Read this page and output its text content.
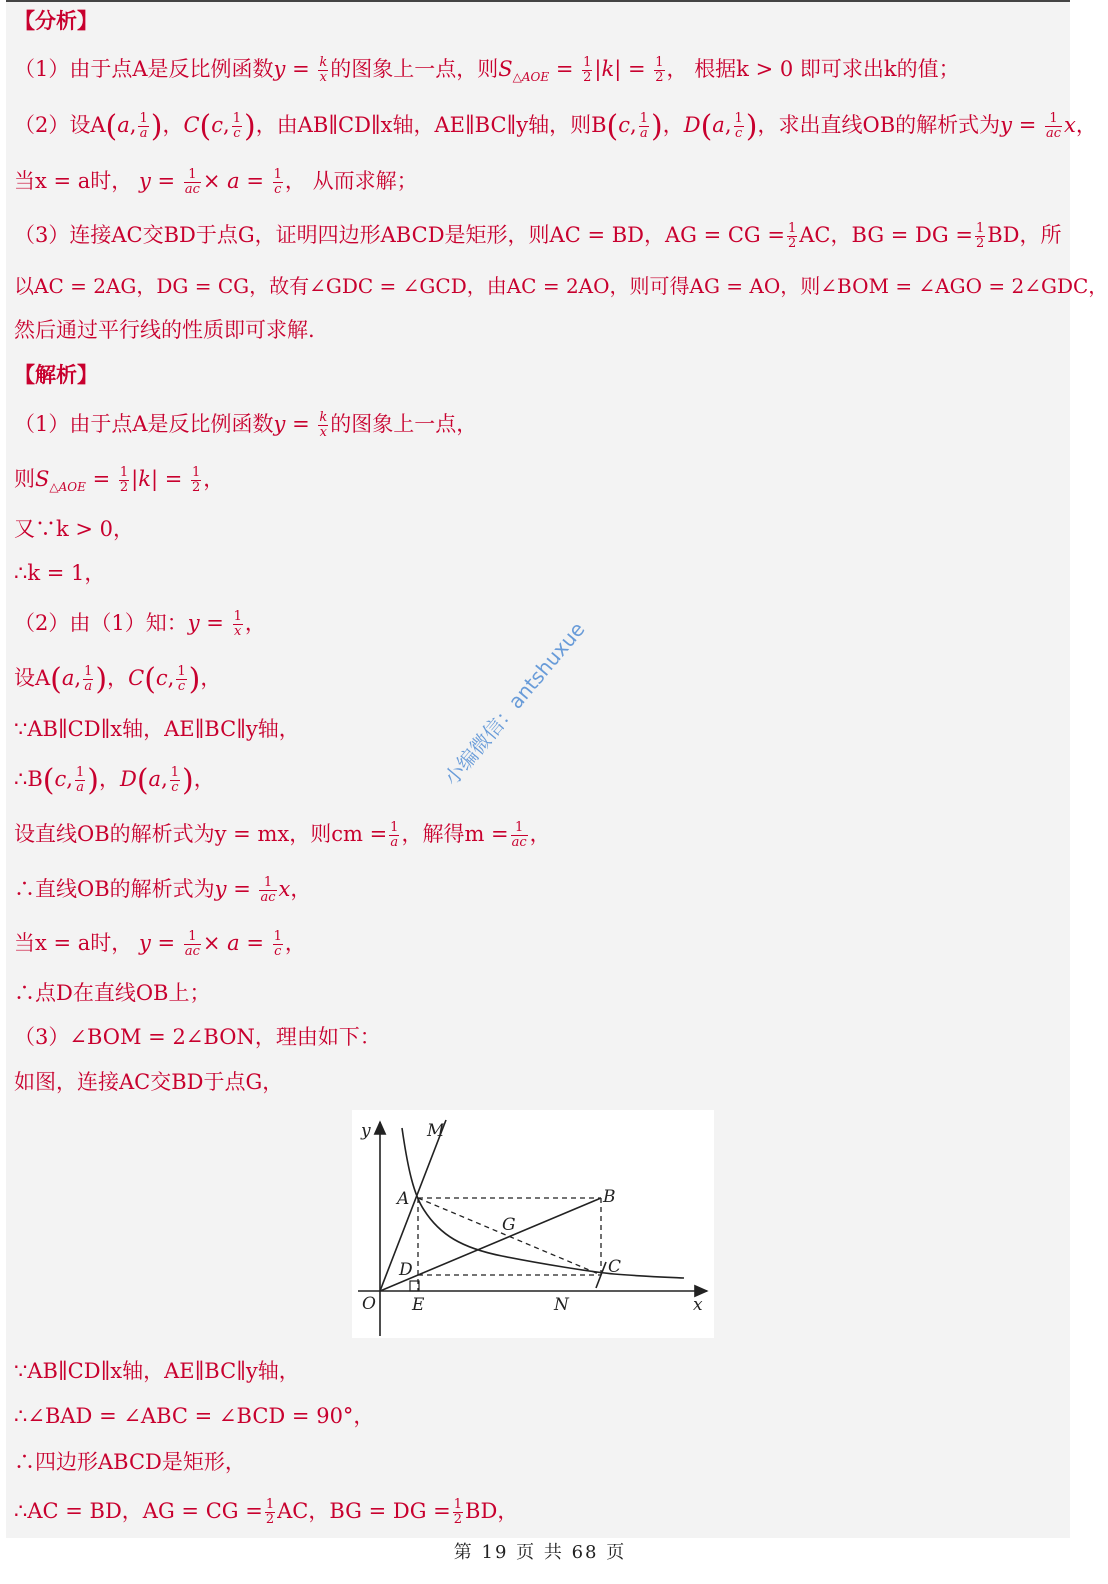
【分析】
（1）由于点A是反比例函数$y = \frac{k}{x}$ 的图象上一点，则$S_{\triangle AOE} = \frac{1}{2} |k| = \frac{1}{2}$ ， 根据k > 0 即可求出k的值；
（2）设A(a, $\frac{1}{a}$ )，C(c, $\frac{1}{c}$ )，由AB∥CD∥x轴，AE∥BC∥y轴，则B(c, $\frac{1}{a}$ )，D(a, $\frac{1}{c}$ )，求出直线OB的解析式为$y = \frac{1}{ac}$ x，
当x = a时， $y = \frac{1}{ac} \times a = \frac{1}{c}$ ， 从而求解；
（3）连接AC交BD于点G，证明四边形ABCD是矩形，则AC = BD，AG = CG = $\frac{1}{2}$ AC，BG = DG = $\frac{1}{2}$ BD，所
以AC = 2AG，DG = CG，故有∠GDC = ∠GCD，由AC = 2AO，则可得AG = AO，则∠BOM = ∠AGO = 2∠GDC，
然后通过平行线的性质即可求解.
【解析】
（1）由于点A是反比例函数$y = \frac{k}{x}$ 的图象上一点，
则$S_{\triangle AOE} = \frac{1}{2} |k| = \frac{1}{2}$ ，
又∵k > 0，
∴k = 1，
（2）由（1）知：$y = \frac{1}{x}$ ，
设A(a, $\frac{1}{a}$ )，C(c, $\frac{1}{c}$ )，
∵AB∥CD∥x轴，AE∥BC∥y轴，
∴B(c, $\frac{1}{a}$ )，D(a, $\frac{1}{c}$ )，
设直线OB的解析式为y = mx，则cm = $\frac{1}{a}$ ，解得$m = \frac{1}{ac}$ ，
∴直线OB的解析式为$y = \frac{1}{ac}$ x，
当x = a时， $y = \frac{1}{ac} \times a = \frac{1}{c}$ ，
∴点D在直线OB上；
（3）∠BOM = 2∠BON，理由如下：
如图，连接AC交BD于点G，
y	M
A	B
G
D	C
O E	N	x
∵AB∥CD∥x轴，AE∥BC∥y轴，
∴∠BAD = ∠ABC = ∠BCD = 90°，
∴四边形ABCD是矩形，
∴AC = BD，AG = CG = $\frac{1}{2}$ AC，BG = DG = $\frac{1}{2}$ BD，
小编微信：antshuxue
第 19 页 共 68 页
